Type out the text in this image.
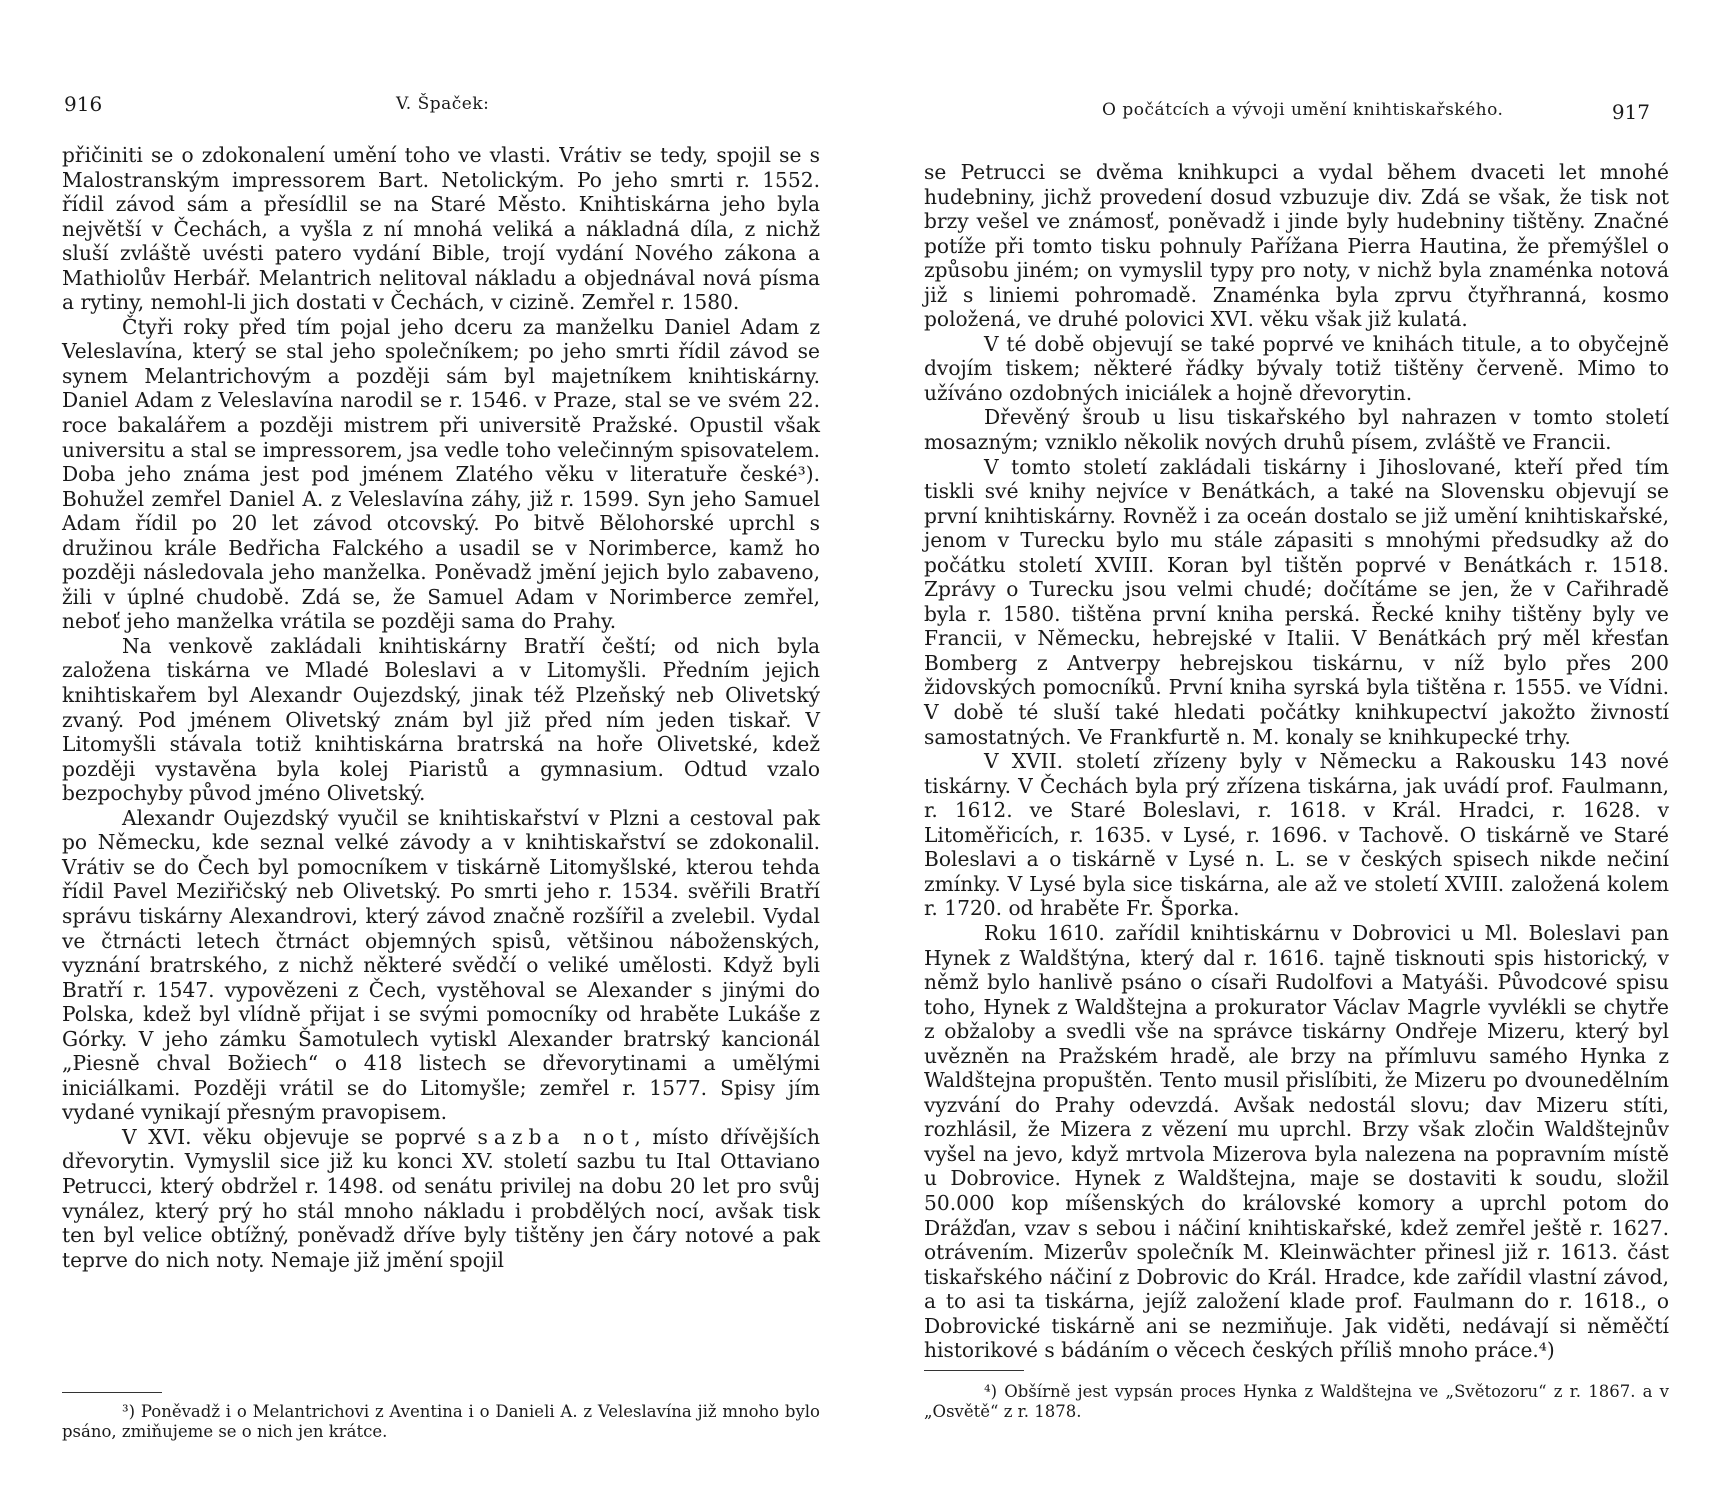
916	V. Špaček:

přičiniti se o zdokonalení umění toho ve vlasti. Vrátiv se tedy, spojil se s Malostranským impressorem Bart. Netolickým. Po jeho smrti r. 1552. řídil závod sám a přesídlil se na Staré Město. Knihtiskárna jeho byla největší v Čechách, a vyšla z ní mnohá veliká a nákladná díla, z nichž sluší zvláště uvésti patero vydání Bible, trojí vydání Nového zákona a Mathiolův Herbář. Melantrich nelitoval nákladu a objednával nová písma a rytiny, nemohl-li jich dostati v Čechách, v cizině. Zemřel r. 1580.

Čtyři roky před tím pojal jeho dceru za manželku Daniel Adam z Veleslavína, který se stal jeho společníkem; po jeho smrti řídil závod se synem Melantrichovým a později sám byl majetníkem knihtiskárny. Daniel Adam z Veleslavína narodil se r. 1546. v Praze, stal se ve svém 22. roce bakalářem a později mistrem při universitě Pražské. Opustil však universitu a stal se impressorem, jsa vedle toho velečinným spisovatelem. Doba jeho známa jest pod jménem Zlatého věku v literatuře české³). Bohužel zemřel Daniel A. z Veleslavína záhy, již r. 1599. Syn jeho Samuel Adam řídil po 20 let závod otcovský. Po bitvě Bělohorské uprchl s družinou krále Bedřicha Falckého a usadil se v Norimberce, kamž ho později následovala jeho manželka. Poněvadž jmění jejich bylo zabaveno, žili v úplné chudobě. Zdá se, že Samuel Adam v Norimberce zemřel, neboť jeho manželka vrátila se později sama do Prahy.

Na venkově zakládali knihtiskárny Bratří čeští; od nich byla založena tiskárna ve Mladé Boleslavi a v Litomyšli. Předním jejich knihtiskařem byl Alexandr Oujezdský, jinak též Plzeňský neb Olivetský zvaný. Pod jménem Olivetský znám byl již před ním jeden tiskař. V Litomyšli stávala totiž knihtiskárna bratrská na hoře Olivetské, kdež později vystavěna byla kolej Piaristů a gymnasium. Odtud vzalo bezpochyby původ jméno Olivetský.

Alexandr Oujezdský vyučil se knihtiskařství v Plzni a cestoval pak po Německu, kde seznal velké závody a v knihtiskařství se zdokonalil. Vrátiv se do Čech byl pomocníkem v tiskárně Litomyšlské, kterou tehda řídil Pavel Meziřičský neb Olivetský. Po smrti jeho r. 1534. svěřili Bratří správu tiskárny Alexandrovi, který závod značně rozšířil a zvelebil. Vydal ve čtrnácti letech čtrnáct objemných spisů, většinou náboženských, vyznání bratrského, z nichž některé svědčí o veliké umělosti. Když byli Bratří r. 1547. vypovězeni z Čech, vystěhoval se Alexander s jinými do Polska, kdež byl vlídně přijat i se svými pomocníky od hraběte Lukáše z Górky. V jeho zámku Šamotulech vytiskl Alexander bratrský kancionál „Piesně chval Božiech“ o 418 listech se dřevorytinami a umělými iniciálkami. Později vrátil se do Litomyšle; zemřel r. 1577. Spisy jím vydané vynikají přesným pravopisem.

V XVI. věku objevuje se poprvé sazba not, místo dřívějších dřevorytin. Vymyslil sice již ku konci XV. století sazbu tu Ital Ottaviano Petrucci, který obdržel r. 1498. od senátu privilej na dobu 20 let pro svůj vynález, který prý ho stál mnoho nákladu i probdělých nocí, avšak tisk ten byl velice obtížný, poněvadž dříve byly tištěny jen čáry notové a pak teprve do nich noty. Nemaje již jmění spojil

³) Poněvadž i o Melantrichovi z Aventina i o Danieli A. z Veleslavína již mnoho bylo psáno, zmiňujeme se o nich jen krátce.
O počátcích a vývoji umění knihtiskařského.	917

se Petrucci se dvěma knihkupci a vydal během dvaceti let mnohé hudebniny, jichž provedení dosud vzbuzuje div. Zdá se však, že tisk not brzy vešel ve známosť, poněvadž i jinde byly hudebniny tištěny. Značné potíže při tomto tisku pohnuly Pařížana Pierra Hautina, že přemýšlel o způsobu jiném; on vymyslil typy pro noty, v nichž byla znaménka notová již s liniemi pohromadě. Znaménka byla zprvu čtyřhranná, kosmo položená, ve druhé polovici XVI. věku však již kulatá.

V té době objevují se také poprvé ve knihách titule, a to obyčejně dvojím tiskem; některé řádky bývaly totiž tištěny červeně. Mimo to užíváno ozdobných iniciálek a hojně dřevorytin.

Dřevěný šroub u lisu tiskařského byl nahrazen v tomto století mosazným; vzniklo několik nových druhů písem, zvláště ve Francii.

V tomto století zakládali tiskárny i Jihoslované, kteří před tím tiskli své knihy nejvíce v Benátkách, a také na Slovensku objevují se první knihtiskárny. Rovněž i za oceán dostalo se již umění knihtiskařské, jenom v Turecku bylo mu stále zápasiti s mnohými předsudky až do počátku století XVIII. Koran byl tištěn poprvé v Benátkách r. 1518. Zprávy o Turecku jsou velmi chudé; dočítáme se jen, že v Cařihradě byla r. 1580. tištěna první kniha perská. Řecké knihy tištěny byly ve Francii, v Německu, hebrejské v Italii. V Benátkách prý měl křesťan Bomberg z Antverpy hebrejskou tiskárnu, v níž bylo přes 200 židovských pomocníků. První kniha syrská byla tištěna r. 1555. ve Vídni. V době té sluší také hledati počátky knihkupectví jakožto živností samostatných. Ve Frankfurtě n. M. konaly se knihkupecké trhy.

V XVII. století zřízeny byly v Německu a Rakousku 143 nové tiskárny. V Čechách byla prý zřízena tiskárna, jak uvádí prof. Faulmann, r. 1612. ve Staré Boleslavi, r. 1618. v Král. Hradci, r. 1628. v Litoměřicích, r. 1635. v Lysé, r. 1696. v Tachově. O tiskárně ve Staré Boleslavi a o tiskárně v Lysé n. L. se v českých spisech nikde nečiní zmínky. V Lysé byla sice tiskárna, ale až ve století XVIII. založená kolem r. 1720. od hraběte Fr. Šporka.

Roku 1610. zařídil knihtiskárnu v Dobrovici u Ml. Boleslavi pan Hynek z Waldštýna, který dal r. 1616. tajně tisknouti spis historický, v němž bylo hanlivě psáno o císaři Rudolfovi a Matyáši. Původcové spisu toho, Hynek z Waldštejna a prokurator Václav Magrle vyvlékli se chytře z obžaloby a svedli vše na správce tiskárny Ondřeje Mizeru, který byl uvězněn na Pražském hradě, ale brzy na přímluvu samého Hynka z Waldštejna propuštěn. Tento musil přislíbiti, že Mizeru po dvounedělním vyzvání do Prahy odevzdá. Avšak nedostál slovu; dav Mizeru stíti, rozhlásil, že Mizera z vězení mu uprchl. Brzy však zločin Waldštejnův vyšel na jevo, když mrtvola Mizerova byla nalezena na popravním místě u Dobrovice. Hynek z Waldštejna, maje se dostaviti k soudu, složil 50.000 kop míšenských do královské komory a uprchl potom do Drážďan, vzav s sebou i náčiní knihtiskařské, kdež zemřel ještě r. 1627. otrávením. Mizerův společník M. Kleinwächter přinesl již r. 1613. část tiskařského náčiní z Dobrovic do Král. Hradce, kde zařídil vlastní závod, a to asi ta tiskárna, jejíž založení klade prof. Faulmann do r. 1618., o Dobrovické tiskárně ani se nezmiňuje. Jak viděti, nedávají si něměčtí historikové s bádáním o věcech českých příliš mnoho práce.⁴)

⁴) Obšírně jest vypsán proces Hynka z Waldštejna ve „Světozoru“ z r. 1867. a v „Osvětě“ z r. 1878.
